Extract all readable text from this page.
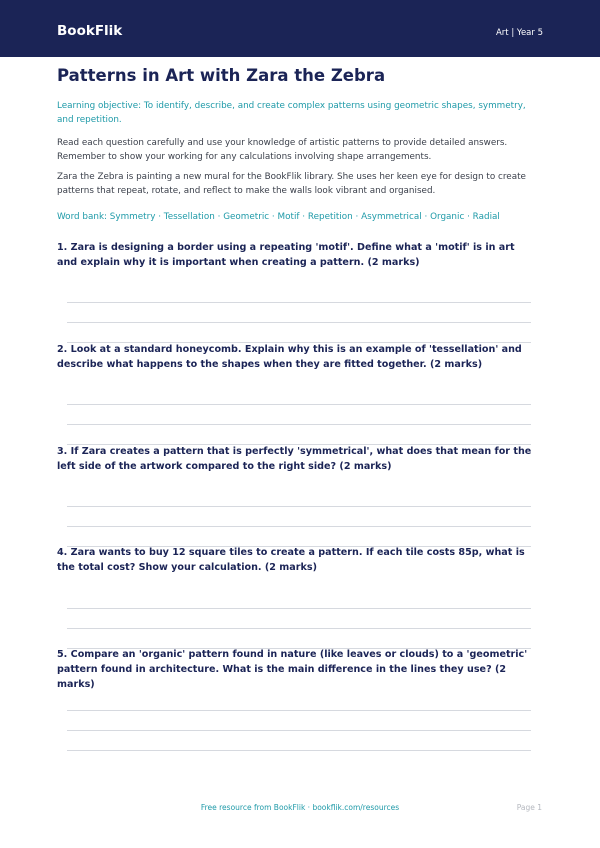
BookFlik	Art | Year 5
Patterns in Art with Zara the Zebra

Learning objective: To identify, describe, and create complex patterns using geometric shapes, symmetry, and repetition.

Read each question carefully and use your knowledge of artistic patterns to provide detailed answers. Remember to show your working for any calculations involving shape arrangements.

Zara the Zebra is painting a new mural for the BookFlik library. She uses her keen eye for design to create patterns that repeat, rotate, and reflect to make the walls look vibrant and organised.

Word bank: Symmetry · Tessellation · Geometric · Motif · Repetition · Asymmetrical · Organic · Radial

1. Zara is designing a border using a repeating 'motif'. Define what a 'motif' is in art and explain why it is important when creating a pattern. (2 marks)

2. Look at a standard honeycomb. Explain why this is an example of 'tessellation' and describe what happens to the shapes when they are fitted together. (2 marks)

3. If Zara creates a pattern that is perfectly 'symmetrical', what does that mean for the left side of the artwork compared to the right side? (2 marks)

4. Zara wants to buy 12 square tiles to create a pattern. If each tile costs 85p, what is the total cost? Show your calculation. (2 marks)

5. Compare an 'organic' pattern found in nature (like leaves or clouds) to a 'geometric' pattern found in architecture. What is the main difference in the lines they use? (2 marks)

Free resource from BookFlik · bookflik.com/resources	Page 1
